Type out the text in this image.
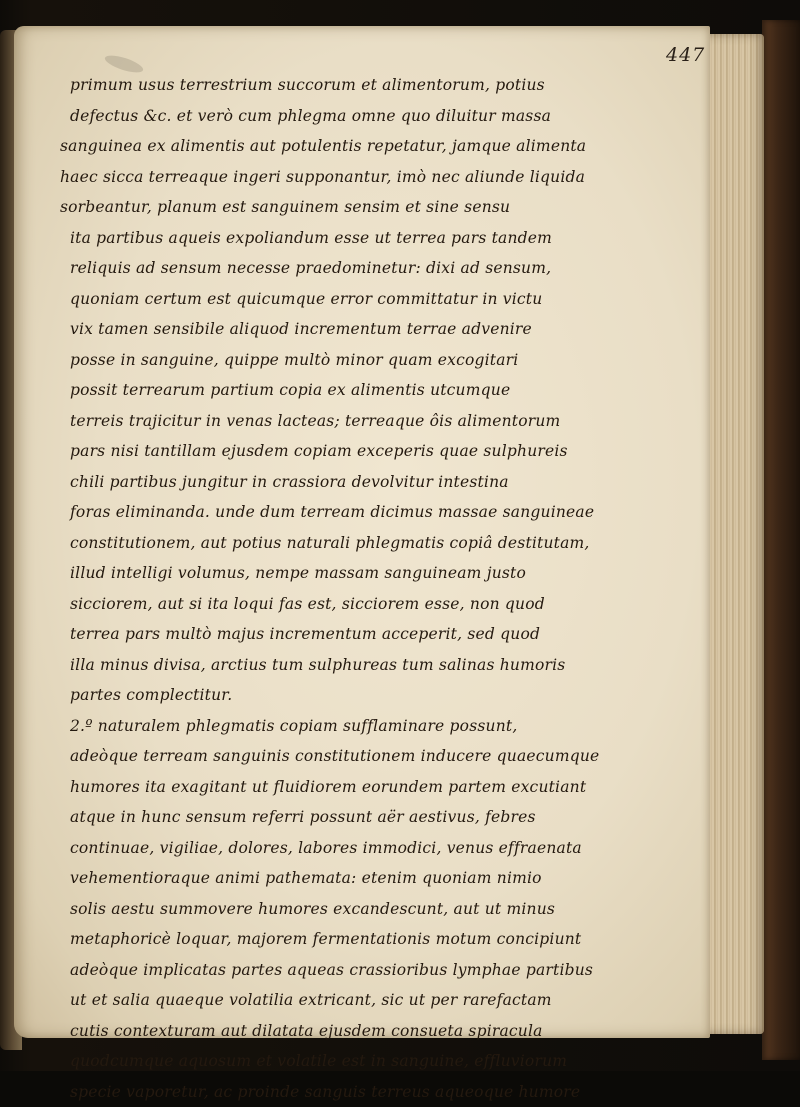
447
primum usus terrestrium succorum et alimentorum, potius
defectus &c. et verò cum phlegma omne quo diluitur massa
sanguinea ex alimentis aut potulentis repetatur, jamque alimenta
haec sicca terreaque ingeri supponantur, imò nec aliunde liquida
sorbeantur, planum est sanguinem sensim et sine sensu
ita partibus aqueis expoliandum esse ut terrea pars tandem
reliquis ad sensum necesse praedominetur: dixi ad sensum,
quoniam certum est quicumque error committatur in victu
vix tamen sensibile aliquod incrementum terrae advenire
posse in sanguine, quippe multò minor quam excogitari
possit terrearum partium copia ex alimentis utcumque
terreis trajicitur in venas lacteas; terreaque ôis alimentorum
pars nisi tantillam ejusdem copiam exceperis quae sulphureis
chili partibus jungitur in crassiora devolvitur intestina
foras eliminanda. unde dum terream dicimus massae sanguineae
constitutionem, aut potius naturali phlegmatis copiâ destitutam,
illud intelligi volumus, nempe massam sanguineam justo
sicciorem, aut si ita loqui fas est, sicciorem esse, non quod
terrea pars multò majus incrementum acceperit, sed quod
illa minus divisa, arctius tum sulphureas tum salinas humoris
partes complectitur.
2.º naturalem phlegmatis copiam sufflaminare possunt,
adeòque terream sanguinis constitutionem inducere quaecumque
humores ita exagitant ut fluidiorem eorundem partem excutiant
atque in hunc sensum referri possunt aër aestivus, febres
continuae, vigiliae, dolores, labores immodici, venus effraenata
vehementioraque animi pathemata: etenim quoniam nimio
solis aestu summovere humores excandescunt, aut ut minus
metaphoricè loquar, majorem fermentationis motum concipiunt
adeòque implicatas partes aqueas crassioribus lymphae partibus
ut et salia quaeque volatilia extricant, sic ut per rarefactam
cutis contexturam aut dilatata ejusdem consueta spiracula
quodcumque aquosum et volatile est in sanguine, effluviorum
specie vaporetur, ac proinde sanguis terreus aqueoque humore
